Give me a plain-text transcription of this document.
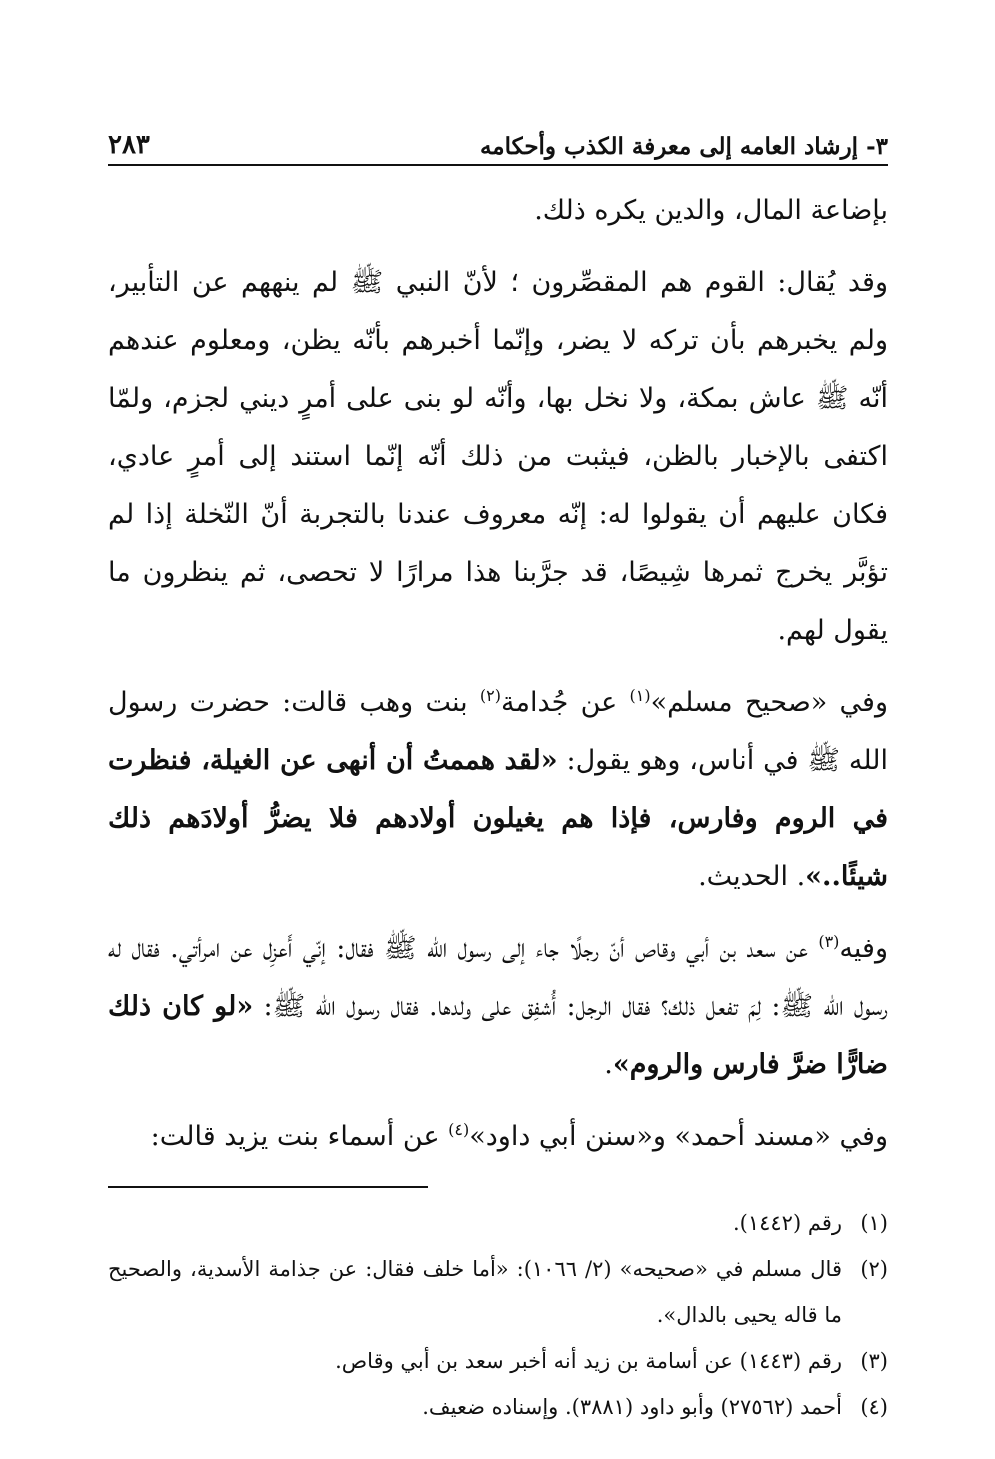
٣- إرشاد العامه إلى معرفة الكذب وأحكامه
٢٨٣

بإضاعة المال، والدين يكره ذلك.

وقد يُقال: القوم هم المقصِّرون ؛ لأنّ النبي ﷺ لم ينههم عن التأبير، ولم يخبرهم بأن تركه لا يضر، وإنّما أخبرهم بأنّه يظن، ومعلوم عندهم أنّه ﷺ عاش بمكة، ولا نخل بها، وأنّه لو بنى على أمرٍ ديني لجزم، ولمّا اكتفى بالإخبار بالظن، فيثبت من ذلك أنّه إنّما استند إلى أمرٍ عادي، فكان عليهم أن يقولوا له: إنّه معروف عندنا بالتجربة أنّ النّخلة إذا لم تؤبَّر يخرج ثمرها شِيصًا، قد جرَّبنا هذا مرارًا لا تحصى، ثم ينظرون ما يقول لهم.

وفي «صحيح مسلم»$^{(١)}$ عن جُدامة$^{(٢)}$ بنت وهب قالت: حضرت رسول الله ﷺ في أناس، وهو يقول: «لقد هممتُ أن أنهى عن الغيلة، فنظرت في الروم وفارس، فإذا هم يغيلون أولادهم فلا يضرُّ أولادَهم ذلك شيئًا..». الحديث.

وفيه$^{(٣)}$ عن سعد بن أبي وقاص أنّ رجلًا جاء إلى رسول الله ﷺ فقال: إنّي أَعزِل عن امرأتي. فقال له رسول الله ﷺ: لِمَ تفعل ذلك؟ فقال الرجل: أُشفِق على ولدها. فقال رسول الله ﷺ: «لو كان ذلك ضارًّا ضرَّ فارس والروم».

وفي «مسند أحمد» و«سنن أبي داود»$^{(٤)}$ عن أسماء بنت يزيد قالت:

(١)
رقم (١٤٤٢).
(٢)
قال مسلم في «صحيحه» (٢/ ١٠٦٦): «أما خلف فقال: عن جذامة الأسدية، والصحيح ما قاله يحيى بالدال».
(٣)
رقم (١٤٤٣) عن أسامة بن زيد أنه أخبر سعد بن أبي وقاص.
(٤)
أحمد (٢٧٥٦٢) وأبو داود (٣٨٨١). وإسناده ضعيف.
